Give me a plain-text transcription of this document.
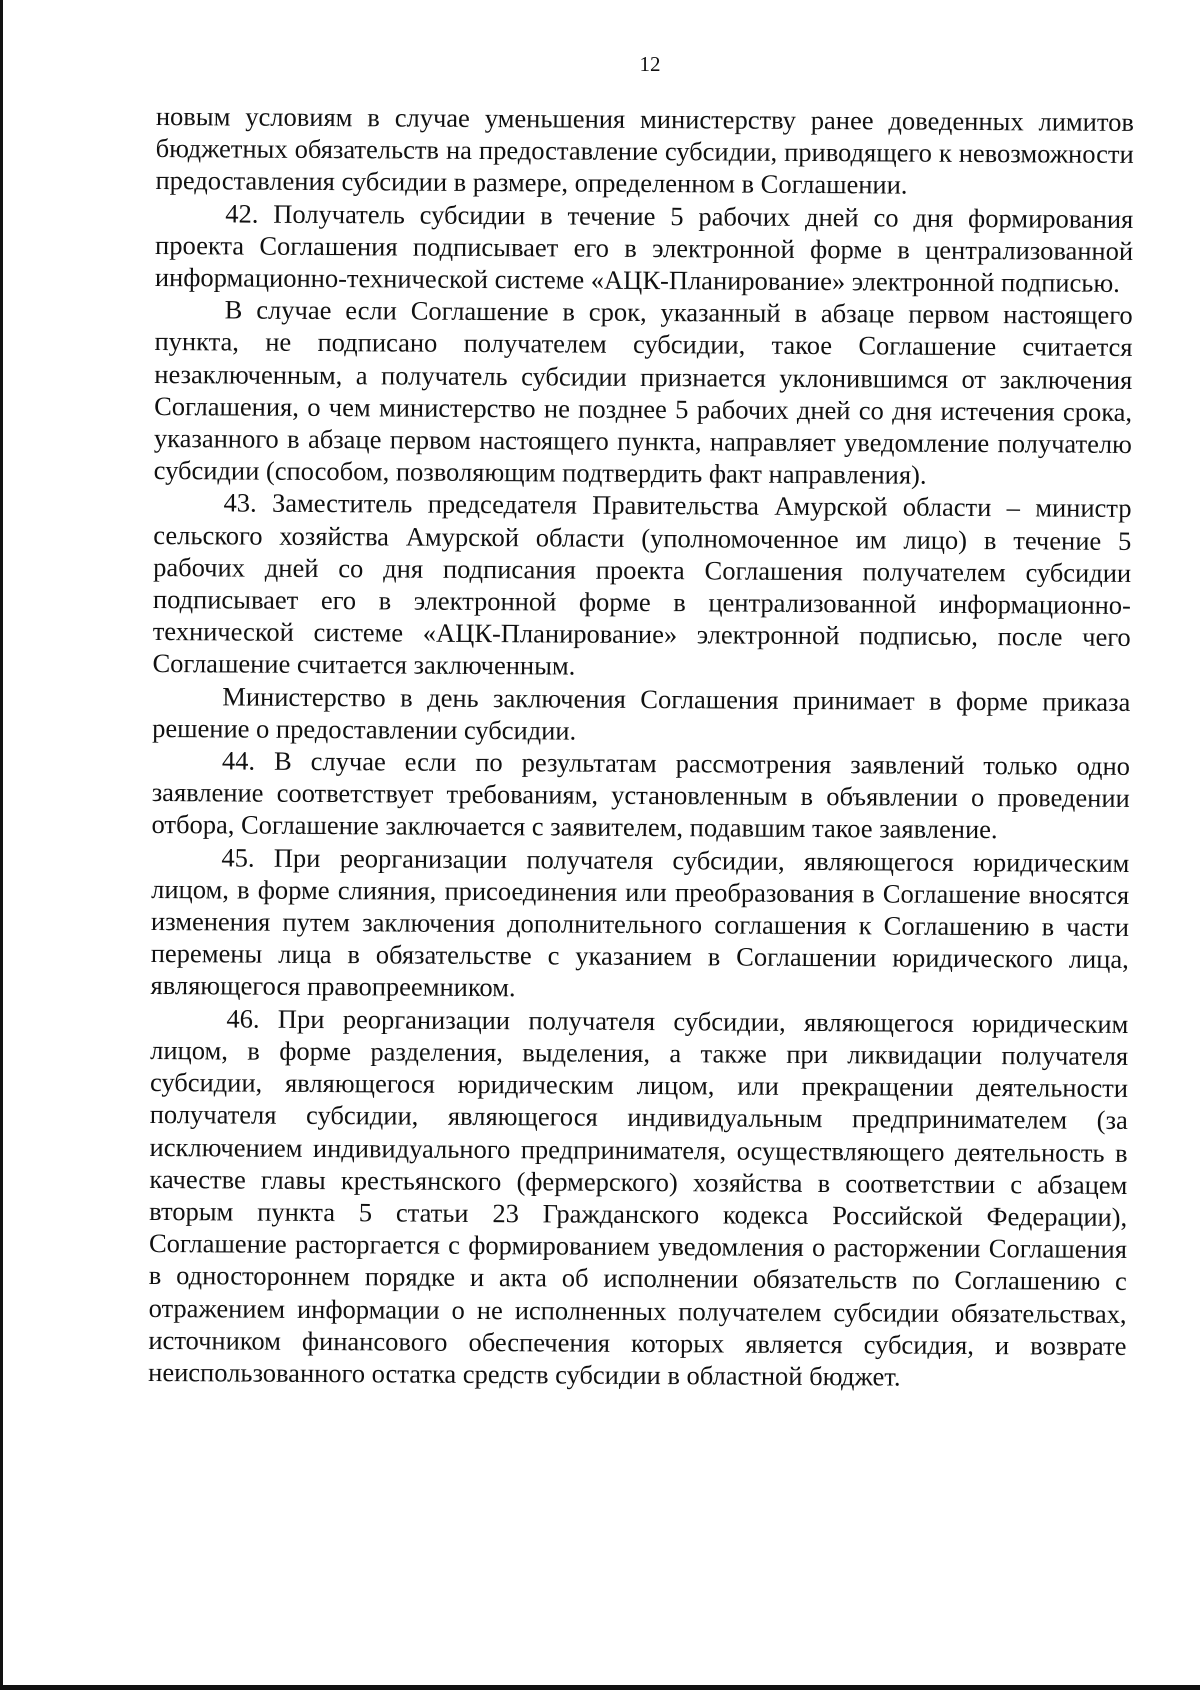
12

новым условиям в случае уменьшения министерству ранее доведенных лимитов бюджетных обязательств на предоставление субсидии, приводящего к невозможности предоставления субсидии в размере, определенном в Соглашении.

42. Получатель субсидии в течение 5 рабочих дней со дня формирования проекта Соглашения подписывает его в электронной форме в централизованной информационно-технической системе «АЦК-Планирование» электронной подписью.

В случае если Соглашение в срок, указанный в абзаце первом настоящего пункта, не подписано получателем субсидии, такое Соглашение считается незаключенным, а получатель субсидии признается уклонившимся от заключения Соглашения, о чем министерство не позднее 5 рабочих дней со дня истечения срока, указанного в абзаце первом настоящего пункта, направляет уведомление получателю субсидии (способом, позволяющим подтвердить факт направления).

43. Заместитель председателя Правительства Амурской области – министр сельского хозяйства Амурской области (уполномоченное им лицо) в течение 5 рабочих дней со дня подписания проекта Соглашения получателем субсидии подписывает его в электронной форме в централизованной информационно-технической системе «АЦК-Планирование» электронной подписью, после чего Соглашение считается заключенным.

Министерство в день заключения Соглашения принимает в форме приказа решение о предоставлении субсидии.

44. В случае если по результатам рассмотрения заявлений только одно заявление соответствует требованиям, установленным в объявлении о проведении отбора, Соглашение заключается с заявителем, подавшим такое заявление.

45. При реорганизации получателя субсидии, являющегося юридическим лицом, в форме слияния, присоединения или преобразования в Соглашение вносятся изменения путем заключения дополнительного соглашения к Соглашению в части перемены лица в обязательстве с указанием в Соглашении юридического лица, являющегося правопреемником.

46. При реорганизации получателя субсидии, являющегося юридическим лицом, в форме разделения, выделения, а также при ликвидации получателя субсидии, являющегося юридическим лицом, или прекращении деятельности получателя субсидии, являющегося индивидуальным предпринимателем (за исключением индивидуального предпринимателя, осуществляющего деятельность в качестве главы крестьянского (фермерского) хозяйства в соответствии с абзацем вторым пункта 5 статьи 23 Гражданского кодекса Российской Федерации), Соглашение расторгается с формированием уведомления о расторжении Соглашения в одностороннем порядке и акта об исполнении обязательств по Соглашению с отражением информации о не исполненных получателем субсидии обязательствах, источником финансового обеспечения которых является субсидия, и возврате неиспользованного остатка средств субсидии в областной бюджет.
